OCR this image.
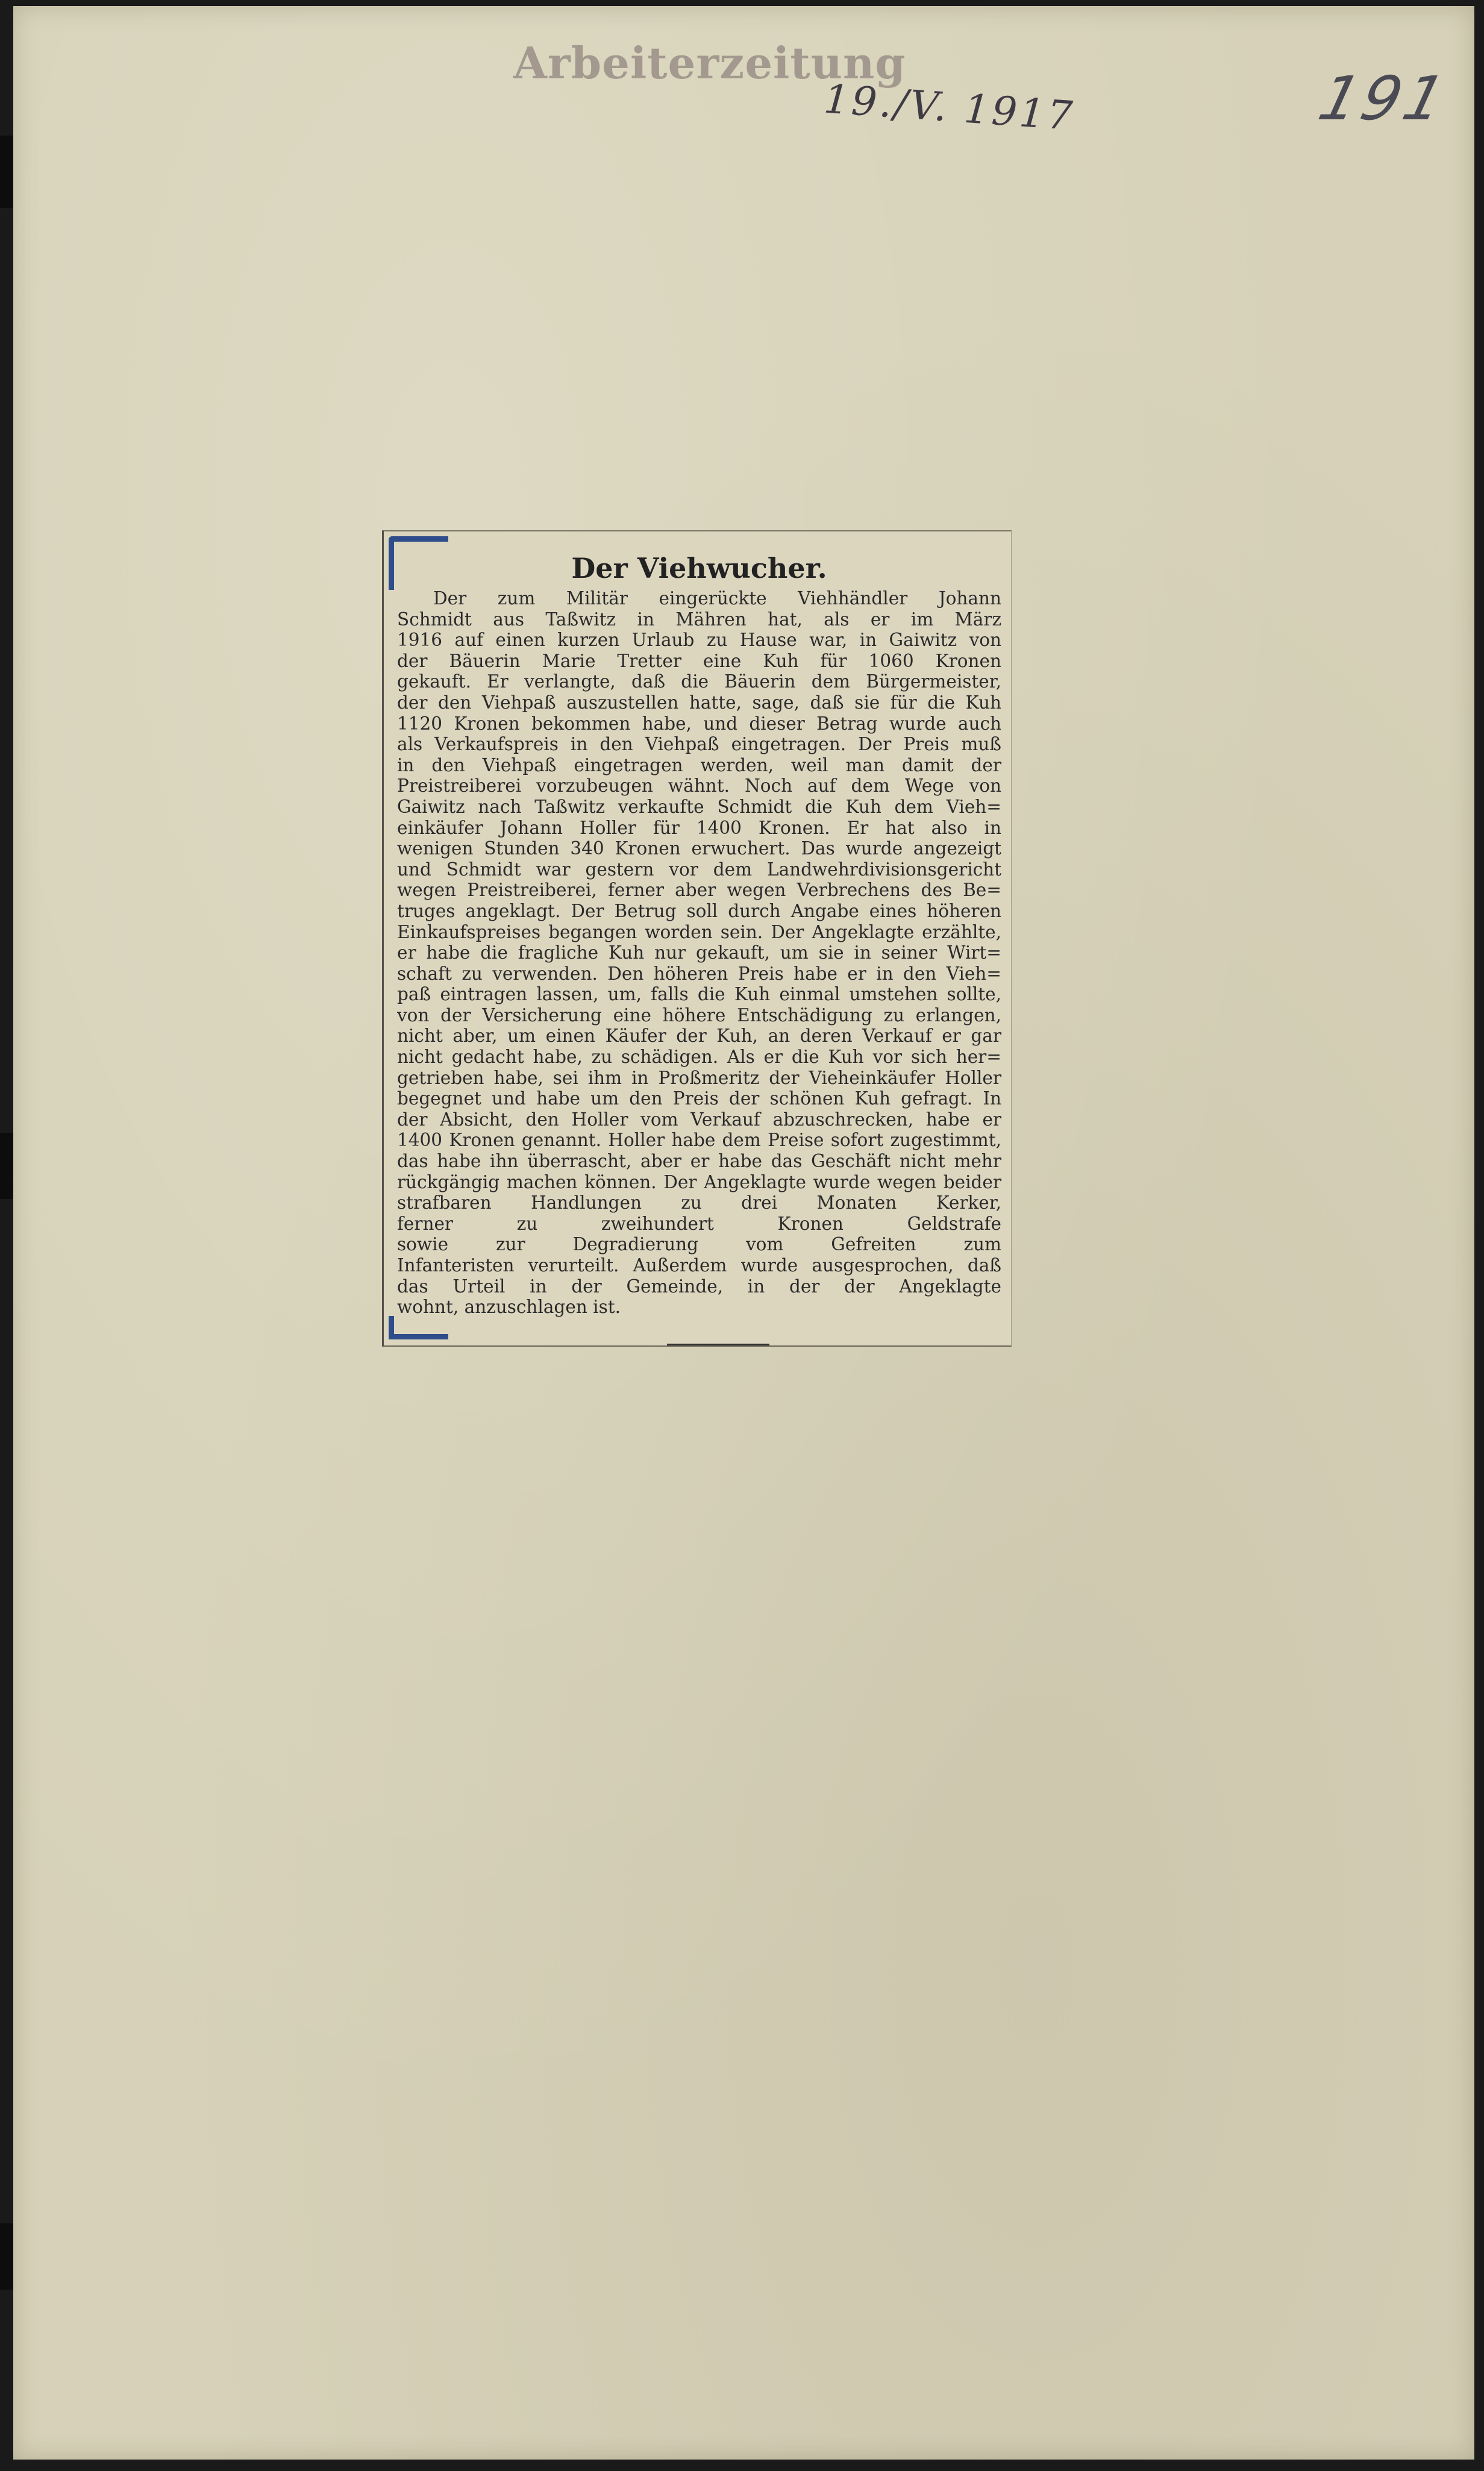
Arbeiterzeitung
19./V. 1917	191
Der Viehwucher.
Der zum Militär eingerückte Viehhändler Johann
Schmidt aus Taßwitz in Mähren hat, als er im März
1916 auf einen kurzen Urlaub zu Hause war, in Gaiwitz von
der Bäuerin Marie Tretter eine Kuh für 1060 Kronen
gekauft. Er verlangte, daß die Bäuerin dem Bürgermeister,
der den Viehpaß auszustellen hatte, sage, daß sie für die Kuh
1120 Kronen bekommen habe, und dieser Betrag wurde auch
als Verkaufspreis in den Viehpaß eingetragen. Der Preis muß
in den Viehpaß eingetragen werden, weil man damit der
Preistreiberei vorzubeugen wähnt. Noch auf dem Wege von
Gaiwitz nach Taßwitz verkaufte Schmidt die Kuh dem Vieh=
einkäufer Johann Holler für 1400 Kronen. Er hat also in
wenigen Stunden 340 Kronen erwuchert. Das wurde angezeigt
und Schmidt war gestern vor dem Landwehrdivisionsgericht
wegen Preistreiberei, ferner aber wegen Verbrechens des Be=
truges angeklagt. Der Betrug soll durch Angabe eines höheren
Einkaufspreises begangen worden sein. Der Angeklagte erzählte,
er habe die fragliche Kuh nur gekauft, um sie in seiner Wirt=
schaft zu verwenden. Den höheren Preis habe er in den Vieh=
paß eintragen lassen, um, falls die Kuh einmal umstehen sollte,
von der Versicherung eine höhere Entschädigung zu erlangen,
nicht aber, um einen Käufer der Kuh, an deren Verkauf er gar
nicht gedacht habe, zu schädigen. Als er die Kuh vor sich her=
getrieben habe, sei ihm in Proßmeritz der Vieheinkäufer Holler
begegnet und habe um den Preis der schönen Kuh gefragt. In
der Absicht, den Holler vom Verkauf abzuschrecken, habe er
1400 Kronen genannt. Holler habe dem Preise sofort zugestimmt,
das habe ihn überrascht, aber er habe das Geschäft nicht mehr
rückgängig machen können. Der Angeklagte wurde wegen beider
strafbaren Handlungen zu drei Monaten Kerker,
ferner zu zweihundert Kronen Geldstrafe
sowie zur Degradierung vom Gefreiten zum
Infanteristen verurteilt. Außerdem wurde ausgesprochen, daß
das Urteil in der Gemeinde, in der der Angeklagte
wohnt, anzuschlagen ist.
